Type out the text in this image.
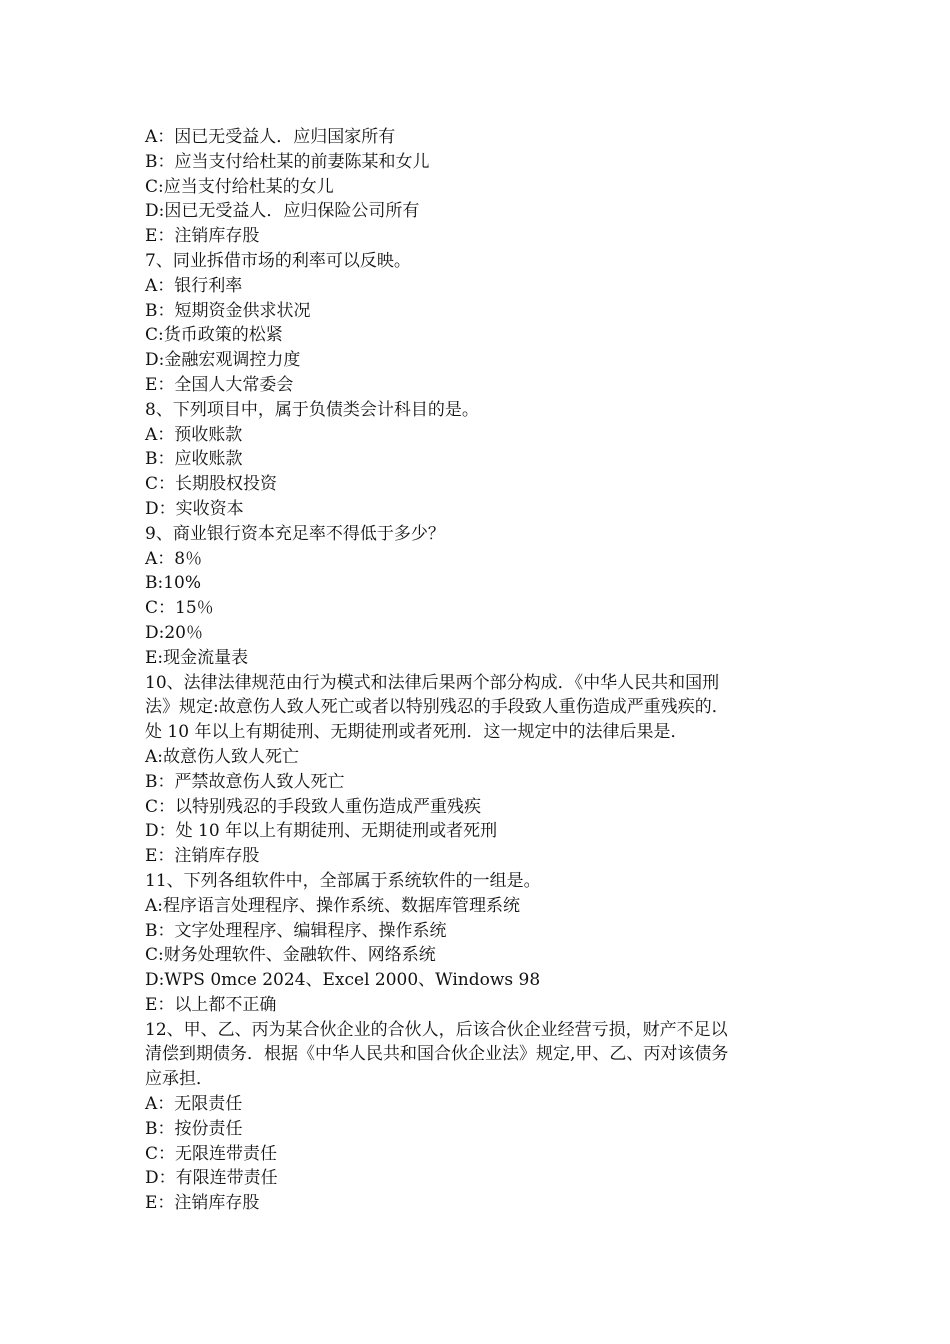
A：因已无受益人．应归国家所有
B：应当支付给杜某的前妻陈某和女儿
C:应当支付给杜某的女儿
D:因已无受益人．应归保险公司所有
E：注销库存股
7、同业拆借市场的利率可以反映。
A：银行利率
B：短期资金供求状况
C:货币政策的松紧
D:金融宏观调控力度
E：全国人大常委会
8、下列项目中，属于负债类会计科目的是。
A：预收账款
B：应收账款
C：长期股权投资
D：实收资本
9、商业银行资本充足率不得低于多少？
A：8％
B:10%
C：15％
D:20％
E:现金流量表
10、法律法律规范由行为模式和法律后果两个部分构成．《中华人民共和国刑
法》规定:故意伤人致人死亡或者以特别残忍的手段致人重伤造成严重残疾的．
处 10 年以上有期徒刑、无期徒刑或者死刑．这一规定中的法律后果是．
A:故意伤人致人死亡
B：严禁故意伤人致人死亡
C：以特别残忍的手段致人重伤造成严重残疾
D：处 10 年以上有期徒刑、无期徒刑或者死刑
E：注销库存股
11、下列各组软件中，全部属于系统软件的一组是。
A:程序语言处理程序、操作系统、数据库管理系统
B：文字处理程序、编辑程序、操作系统
C:财务处理软件、金融软件、网络系统
D:WPS 0mce 2024、Excel 2000、Windows 98
E：以上都不正确
12、甲、乙、丙为某合伙企业的合伙人，后该合伙企业经营亏损，财产不足以
清偿到期债务．根据《中华人民共和国合伙企业法》规定,甲、乙、丙对该债务
应承担．
A：无限责任
B：按份责任
C：无限连带责任
D：有限连带责任
E：注销库存股
